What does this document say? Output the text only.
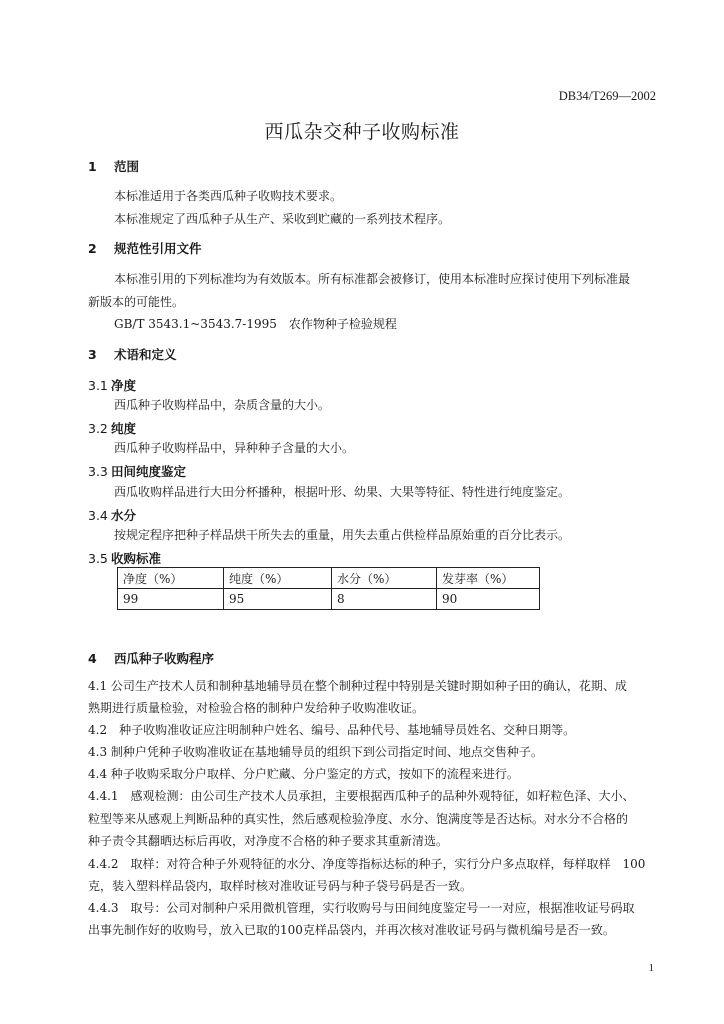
DB34/T269—2002
西瓜杂交种子收购标准
1 范围
本标准适用于各类西瓜种子收购技术要求。
本标准规定了西瓜种子从生产、采收到贮藏的一系列技术程序。
2 规范性引用文件
本标准引用的下列标准均为有效版本。所有标准都会被修订，使用本标准时应探讨使用下列标准最
新版本的可能性。
GB/T 3543.1~3543.7-1995　农作物种子检验规程
3 术语和定义
3.1 净度
西瓜种子收购样品中，杂质含量的大小。
3.2 纯度
西瓜种子收购样品中，异种种子含量的大小。
3.3 田间纯度鉴定
西瓜收购样品进行大田分杯播种，根据叶形、幼果、大果等特征、特性进行纯度鉴定。
3.4 水分
按规定程序把种子样品烘干所失去的重量，用失去重占供检样品原始重的百分比表示。
3.5 收购标准
净度（%）	纯度（%）	水分（%）	发芽率（%）
99	95	8	90
4 西瓜种子收购程序
4.1 公司生产技术人员和制种基地辅导员在整个制种过程中特别是关键时期如种子田的确认，花期、成
熟期进行质量检验，对检验合格的制种户发给种子收购准收证。
4.2　种子收购准收证应注明制种户姓名、编号、品种代号、基地辅导员姓名、交种日期等。
4.3 制种户凭种子收购准收证在基地辅导员的组织下到公司指定时间、地点交售种子。
4.4 种子收购采取分户取样、分户贮藏、分户鉴定的方式，按如下的流程来进行。
4.4.1　感观检测：由公司生产技术人员承担，主要根据西瓜种子的品种外观特征，如籽粒色泽、大小、
粒型等来从感观上判断品种的真实性，然后感观检验净度、水分、饱满度等是否达标。对水分不合格的
种子责令其翻晒达标后再收，对净度不合格的种子要求其重新清选。
4.4.2　取样：对符合种子外观特征的水分、净度等指标达标的种子，实行分户多点取样，每样取样　100
克，装入塑料样品袋内，取样时核对准收证号码与种子袋号码是否一致。
4.4.3　取号：公司对制种户采用微机管理，实行收购号与田间纯度鉴定号一一对应，根据准收证号码取
出事先制作好的收购号，放入已取的100克样品袋内，并再次核对准收证号码与微机编号是否一致。
1
